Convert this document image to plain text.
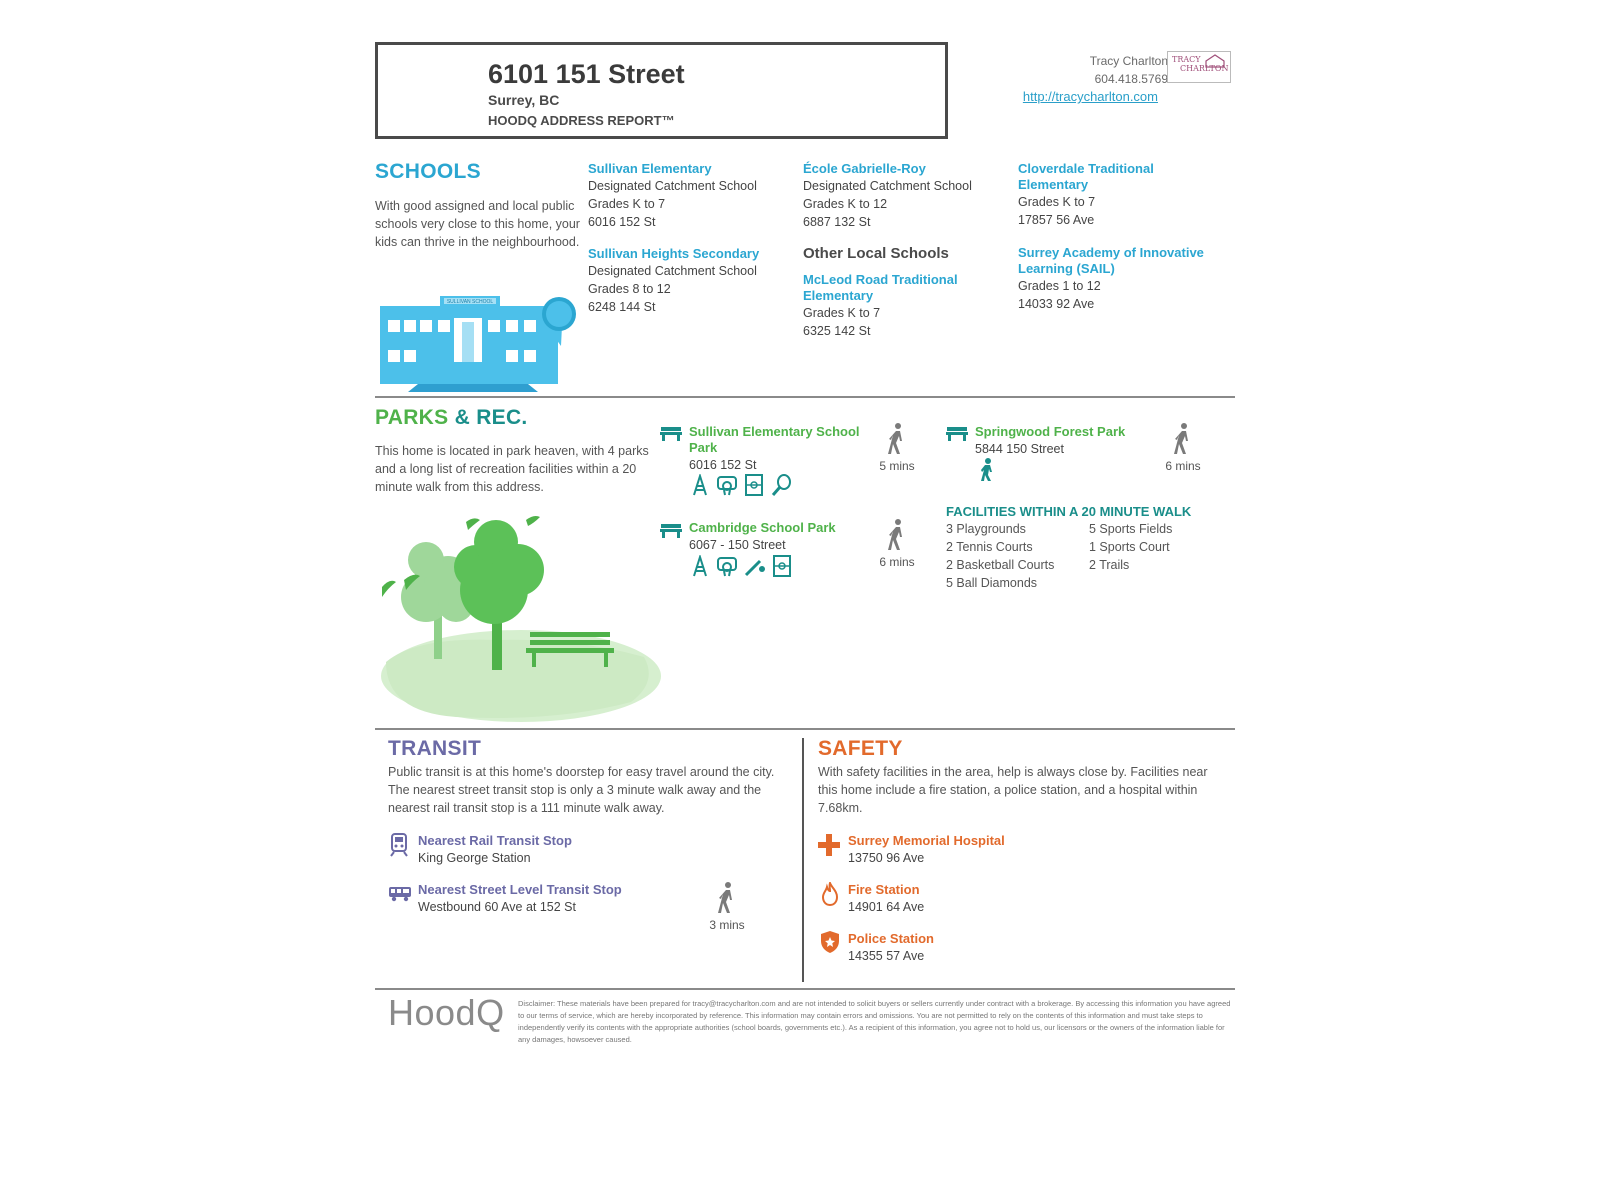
6101 151 Street
Surrey, BC
HOODQ ADDRESS REPORT™
Tracy Charlton
604.418.5769
http://tracycharlton.com
TRACY
CHARLTON
SCHOOLS
With good assigned and local public schools very close to this home, your kids can thrive in the neighbourhood.
SULLIVAN SCHOOL
Sullivan Elementary
Designated Catchment School
Grades K to 7
6016 152 St
Sullivan Heights Secondary
Designated Catchment School
Grades 8 to 12
6248 144 St
École Gabrielle-Roy
Designated Catchment School
Grades K to 12
6887 132 St
Other Local Schools
McLeod Road Traditional Elementary
Grades K to 7
6325 142 St
Cloverdale Traditional Elementary
Grades K to 7
17857 56 Ave
Surrey Academy of Innovative Learning (SAIL)
Grades 1 to 12
14033 92 Ave
PARKS & REC.
This home is located in park heaven, with 4 parks and a long list of recreation facilities within a 20 minute walk from this address.
Sullivan Elementary School Park
6016 152 St	5 mins
Springwood Forest Park
5844 150 Street
6 mins
Cambridge School Park
6067 - 150 Street
6 mins
FACILITIES WITHIN A 20 MINUTE WALK
3 Playgrounds
2 Tennis Courts
2 Basketball Courts
5 Ball Diamonds
5 Sports Fields
1 Sports Court
2 Trails
TRANSIT
Public transit is at this home's doorstep for easy travel around the city. The nearest street transit stop is only a 3 minute walk away and the nearest rail transit stop is a 111 minute walk away.
Nearest Rail Transit Stop
King George Station
Nearest Street Level Transit Stop
Westbound 60 Ave at 152 St
3 mins
SAFETY
With safety facilities in the area, help is always close by. Facilities near this home include a fire station, a police station, and a hospital within 7.68km.
Surrey Memorial Hospital
13750 96 Ave
Fire Station
14901 64 Ave
Police Station
14355 57 Ave
HoodQ Disclaimer: These materials have been prepared for tracy@tracycharlton.com and are not intended to solicit buyers or sellers currently under contract with a brokerage. By accessing this information you have agreed to our terms of service, which are hereby incorporated by reference. This information may contain errors and omissions. You are not permitted to rely on the contents of this information and must take steps to independently verify its contents with the appropriate authorities (school boards, governments etc.). As a recipient of this information, you agree not to hold us, our licensors or the owners of the information liable for any damages, howsoever caused.
